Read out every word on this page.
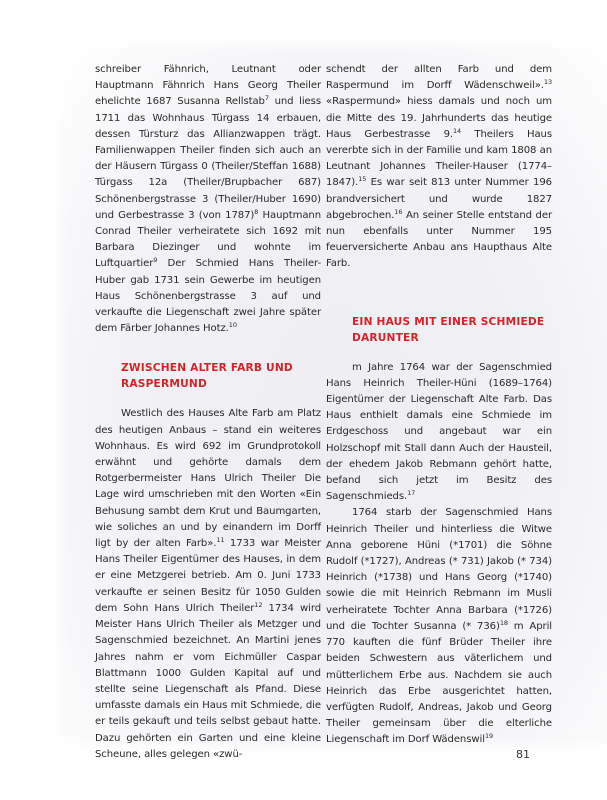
schreiber Fähnrich, Leutnant oder Hauptmann Fähnrich Hans Georg Theiler ehelichte 1687 Susanna Rellstab$^7$ und liess 1711 das Wohnhaus Türgass 14 erbauen, dessen Türsturz das Allianzwappen trägt. Familienwappen Theiler finden sich auch an der Häusern Türgass 0 (Theiler/Steffan 1688) Türgass 12a (Theiler/Brupbacher 687) Schönenbergstrasse 3 (Theiler/Huber 1690) und Gerbestrasse 3 (von 1787)$^8$ Hauptmann Conrad Theiler verheiratete sich 1692 mit Barbara Diezinger und wohnte im Luftquartier$^9$ Der Schmied Hans Theiler-Huber gab 1731 sein Gewerbe im heutigen Haus Schönenbergstrasse 3 auf und verkaufte die Liegenschaft zwei Jahre später dem Färber Johannes Hotz.$^{10}$

ZWISCHEN ALTER FARB UND RASPERMUND

Westlich des Hauses Alte Farb am Platz des heutigen Anbaus – stand ein weiteres Wohnhaus. Es wird 692 im Grundprotokoll erwähnt und gehörte damals dem Rotgerbermeister Hans Ulrich Theiler Die Lage wird umschrieben mit den Worten «Ein Behusung sambt dem Krut und Baumgarten, wie soliches an und by einandern im Dorff ligt by der alten Farb».$^{11}$ 1733 war Meister Hans Theiler Eigentümer des Hauses, in dem er eine Metzgerei betrieb. Am 0. Juni 1733 verkaufte er seinen Besitz für 1050 Gulden dem Sohn Hans Ulrich Theiler$^{12}$ 1734 wird Meister Hans Ulrich Theiler als Metzger und Sagenschmied bezeichnet. An Martini jenes Jahres nahm er vom Eichmüller Caspar Blattmann 1000 Gulden Kapital auf und stellte seine Liegenschaft als Pfand. Diese umfasste damals ein Haus mit Schmiede, die er teils gekauft und teils selbst gebaut hatte. Dazu gehörten ein Garten und eine kleine Scheune, alles gelegen «zwü-

schendt der allten Farb und dem Raspermund im Dorff Wädenschweil».$^{13}$ «Raspermund» hiess damals und noch um die Mitte des 19. Jahrhunderts das heutige Haus Gerbestrasse 9.14 Theilers Haus vererbte sich in der Familie und kam 1808 an Leutnant Johannes Theiler-Hauser (1774–1847).$^{15}$ Es war seit 813 unter Nummer 196 brandversichert und wurde 1827 abgebrochen.$^{16}$ An seiner Stelle entstand der nun ebenfalls unter Nummer 195 feuerversicherte Anbau ans Haupthaus Alte Farb.

EIN HAUS MIT EINER SCHMIEDE DARUNTER

m Jahre 1764 war der Sagenschmied Hans Heinrich Theiler-Hüni (1689–1764) Eigentümer der Liegenschaft Alte Farb. Das Haus enthielt damals eine Schmiede im Erdgeschoss und angebaut war ein Holzschopf mit Stall dann Auch der Hausteil, der ehedem Jakob Rebmann gehört hatte, befand sich jetzt im Besitz des Sagenschmieds.$^{17}$

1764 starb der Sagenschmied Hans Heinrich Theiler und hinterliess die Witwe Anna geborene Hüni (*1701) die Söhne Rudolf (*1727), Andreas (* 731) Jakob (* 734) Heinrich (*1738) und Hans Georg (*1740) sowie die mit Heinrich Rebmann im Musli verheiratete Tochter Anna Barbara (*1726) und die Tochter Susanna (* 736)$^{18}$ m April 770 kauften die fünf Brüder Theiler ihre beiden Schwestern aus väterlichem und mütterlichem Erbe aus. Nachdem sie auch Heinrich das Erbe ausgerichtet hatten, verfügten Rudolf, Andreas, Jakob und Georg Theiler gemeinsam über die elterliche Liegenschaft im Dorf Wädenswil$^{19}$

81
